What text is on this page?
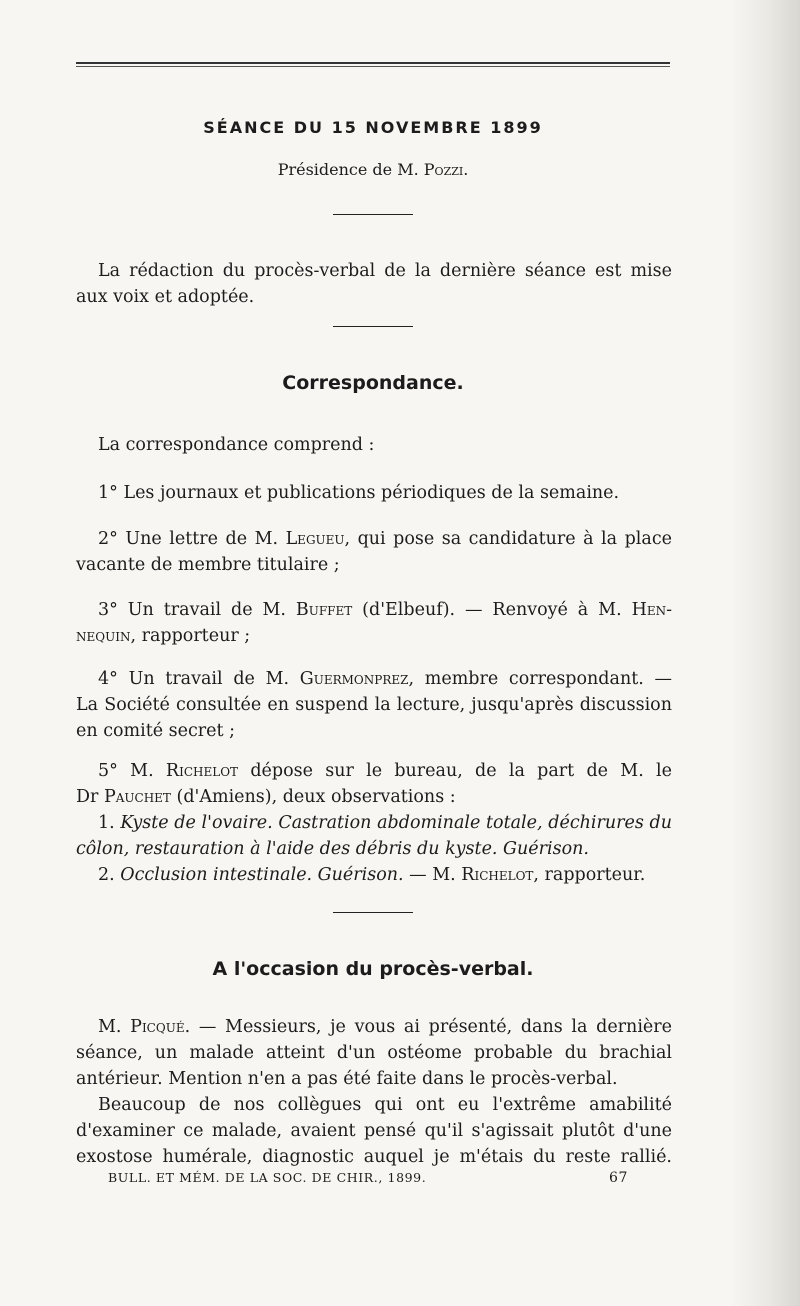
SÉANCE DU 15 NOVEMBRE 1899
Présidence de M. Pozzi.
La rédaction du procès-verbal de la dernière séance est mise
aux voix et adoptée.
Correspondance.
La correspondance comprend :
1° Les journaux et publications périodiques de la semaine.
2° Une lettre de M. Legueu, qui pose sa candidature à la place
vacante de membre titulaire ;
3° Un travail de M. Buffet (d'Elbeuf). — Renvoyé à M. Hen-
nequin, rapporteur ;
4° Un travail de M. Guermonprez, membre correspondant. —
La Société consultée en suspend la lecture, jusqu'après discussion
en comité secret ;
5° M. Richelot dépose sur le bureau, de la part de M. le
Dr Pauchet (d'Amiens), deux observations :
1. Kyste de l'ovaire. Castration abdominale totale, déchirures du
côlon, restauration à l'aide des débris du kyste. Guérison.
2. Occlusion intestinale. Guérison. — M. Richelot, rapporteur.
A l'occasion du procès-verbal.
M. Picqué. — Messieurs, je vous ai présenté, dans la dernière
séance, un malade atteint d'un ostéome probable du brachial
antérieur. Mention n'en a pas été faite dans le procès-verbal.
Beaucoup de nos collègues qui ont eu l'extrême amabilité
d'examiner ce malade, avaient pensé qu'il s'agissait plutôt d'une
exostose humérale, diagnostic auquel je m'étais du reste rallié.
BULL. ET MÉM. DE LA SOC. DE CHIR., 1899.	67
